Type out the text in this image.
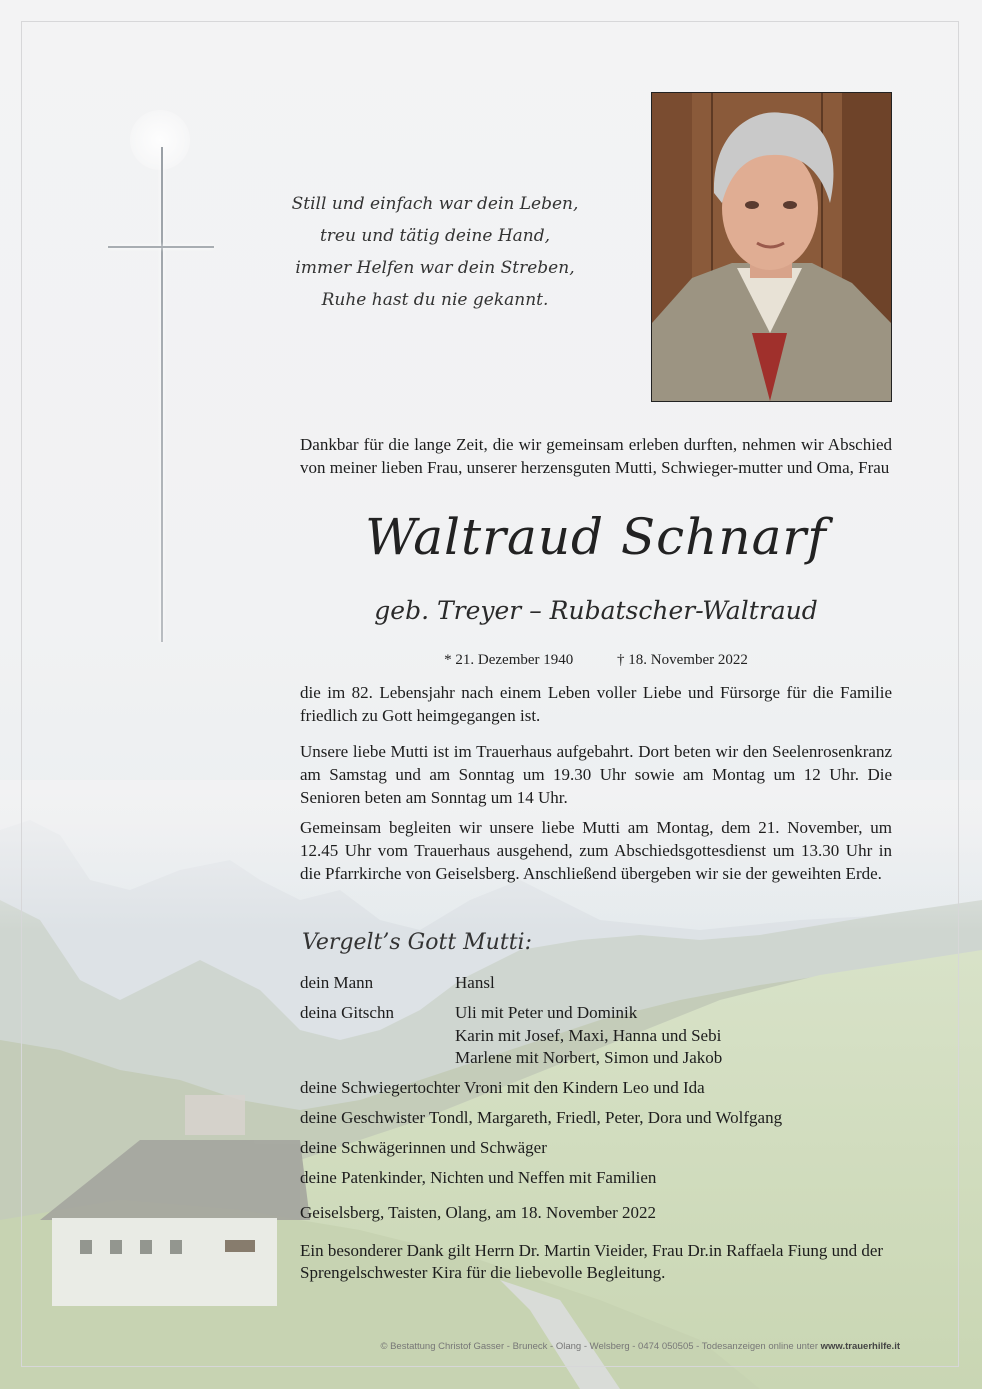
Still und einfach war dein Leben,
treu und tätig deine Hand,
immer Helfen war dein Streben,
Ruhe hast du nie gekannt.
Dankbar für die lange Zeit, die wir gemeinsam erleben durften, nehmen wir Abschied von meiner lieben Frau, unserer herzensguten Mutti, Schwieger-mutter und Oma, Frau
Waltraud Schnarf
geb. Treyer – Rubatscher-Waltraud
* 21. Dezember 1940	† 18. November 2022
die im 82. Lebensjahr nach einem Leben voller Liebe und Fürsorge für die Familie friedlich zu Gott heimgegangen ist.
Unsere liebe Mutti ist im Trauerhaus aufgebahrt. Dort beten wir den Seelenrosenkranz am Samstag und am Sonntag um 19.30 Uhr sowie am Montag um 12 Uhr. Die Senioren beten am Sonntag um 14 Uhr.
Gemeinsam begleiten wir unsere liebe Mutti am Montag, dem 21. November, um 12.45 Uhr vom Trauerhaus ausgehend, zum Abschiedsgottesdienst um 13.30 Uhr in die Pfarrkirche von Geiselsberg. Anschließend übergeben wir sie der geweihten Erde.
Vergelt’s Gott Mutti:
dein Mann	Hansl
deina Gitschn	Uli mit Peter und Dominik
Karin mit Josef, Maxi, Hanna und Sebi
Marlene mit Norbert, Simon und Jakob
deine Schwiegertochter Vroni mit den Kindern Leo und Ida
deine Geschwister Tondl, Margareth, Friedl, Peter, Dora und Wolfgang
deine Schwägerinnen und Schwäger
deine Patenkinder, Nichten und Neffen mit Familien
Geiselsberg, Taisten, Olang, am 18. November 2022
Ein besonderer Dank gilt Herrn Dr. Martin Vieider, Frau Dr.in Raffaela Fiung und der Sprengelschwester Kira für die liebevolle Begleitung.
© Bestattung Christof Gasser - Bruneck - Olang - Welsberg - 0474 050505 - Todesanzeigen online unter www.trauerhilfe.it
